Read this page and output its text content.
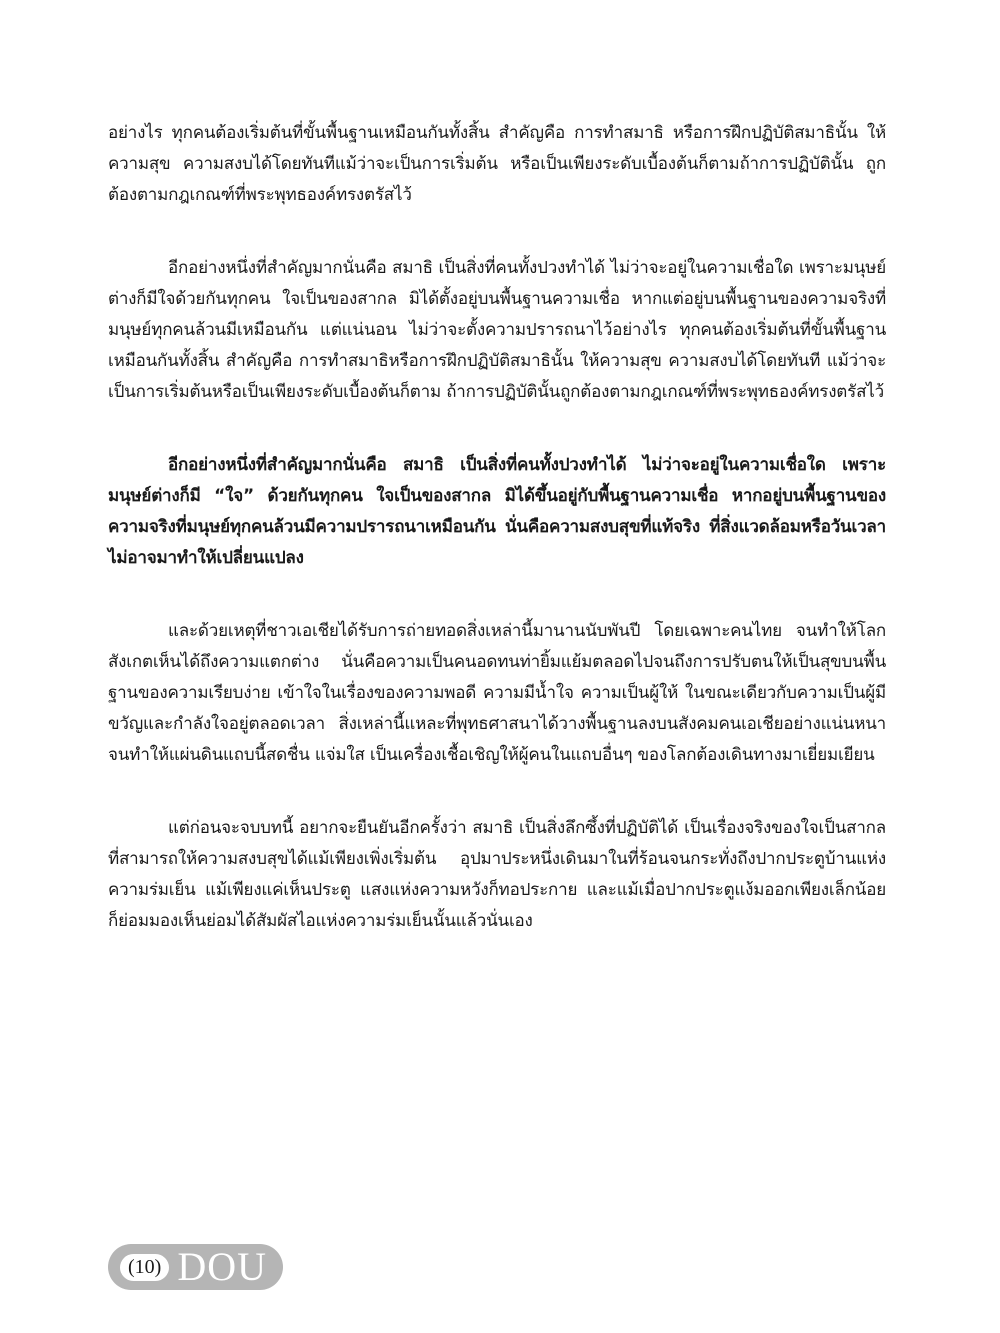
อย่างไร ทุกคนต้องเริ่มต้นที่ขั้นพื้นฐานเหมือนกันทั้งสิ้น สำคัญคือ การทำสมาธิ หรือการฝึกปฏิบัติสมาธินั้น ให้ความสุข ความสงบได้โดยทันทีแม้ว่าจะเป็นการเริ่มต้น หรือเป็นเพียงระดับเบื้องต้นก็ตามถ้าการปฏิบัตินั้น ถูกต้องตามกฎเกณฑ์ที่พระพุทธองค์ทรงตรัสไว้

อีกอย่างหนึ่งที่สำคัญมากนั่นคือ สมาธิ เป็นสิ่งที่คนทั้งปวงทำได้ ไม่ว่าจะอยู่ในความเชื่อใด เพราะมนุษย์ต่างก็มีใจด้วยกันทุกคน ใจเป็นของสากล มิได้ตั้งอยู่บนพื้นฐานความเชื่อ หากแต่อยู่บนพื้นฐานของความจริงที่มนุษย์ทุกคนล้วนมีเหมือนกัน แต่แน่นอน ไม่ว่าจะตั้งความปรารถนาไว้อย่างไร ทุกคนต้องเริ่มต้นที่ขั้นพื้นฐานเหมือนกันทั้งสิ้น สำคัญคือ การทำสมาธิหรือการฝึกปฏิบัติสมาธินั้น ให้ความสุข ความสงบได้โดยทันที แม้ว่าจะเป็นการเริ่มต้นหรือเป็นเพียงระดับเบื้องต้นก็ตาม ถ้าการปฏิบัตินั้นถูกต้องตามกฎเกณฑ์ที่พระพุทธองค์ทรงตรัสไว้

อีกอย่างหนึ่งที่สำคัญมากนั่นคือ สมาธิ เป็นสิ่งที่คนทั้งปวงทำได้ ไม่ว่าจะอยู่ในความเชื่อใด เพราะมนุษย์ต่างก็มี “ใจ” ด้วยกันทุกคน ใจเป็นของสากล มิได้ขึ้นอยู่กับพื้นฐานความเชื่อ หากอยู่บนพื้นฐานของความจริงที่มนุษย์ทุกคนล้วนมีความปรารถนาเหมือนกัน นั่นคือความสงบสุขที่แท้จริง ที่สิ่งแวดล้อมหรือวันเวลาไม่อาจมาทำให้เปลี่ยนแปลง

และด้วยเหตุที่ชาวเอเชียได้รับการถ่ายทอดสิ่งเหล่านี้มานานนับพันปี โดยเฉพาะคนไทย จนทำให้โลกสังเกตเห็นได้ถึงความแตกต่าง นั่นคือความเป็นคนอดทนท่ายิ้มแย้มตลอดไปจนถึงการปรับตนให้เป็นสุขบนพื้นฐานของความเรียบง่าย เข้าใจในเรื่องของความพอดี ความมีน้ำใจ ความเป็นผู้ให้ ในขณะเดียวกับความเป็นผู้มีขวัญและกำลังใจอยู่ตลอดเวลา สิ่งเหล่านี้แหละที่พุทธศาสนาได้วางพื้นฐานลงบนสังคมคนเอเชียอย่างแน่นหนาจนทำให้แผ่นดินแถบนี้สดชื่น แจ่มใส เป็นเครื่องเชื้อเชิญให้ผู้คนในแถบอื่นๆ ของโลกต้องเดินทางมาเยี่ยมเยียน

แต่ก่อนจะจบบทนี้ อยากจะยืนยันอีกครั้งว่า สมาธิ เป็นสิ่งลึกซึ้งที่ปฏิบัติได้ เป็นเรื่องจริงของใจเป็นสากลที่สามารถให้ความสงบสุขได้แม้เพียงเพิ่งเริ่มต้น อุปมาประหนึ่งเดินมาในที่ร้อนจนกระทั่งถึงปากประตูบ้านแห่งความร่มเย็น แม้เพียงแค่เห็นประตู แสงแห่งความหวังก็ทอประกาย และแม้เมื่อปากประตูแง้มออกเพียงเล็กน้อย ก็ย่อมมองเห็นย่อมได้สัมผัสไอแห่งความร่มเย็นนั้นแล้วนั่นเอง

(10) DOU
